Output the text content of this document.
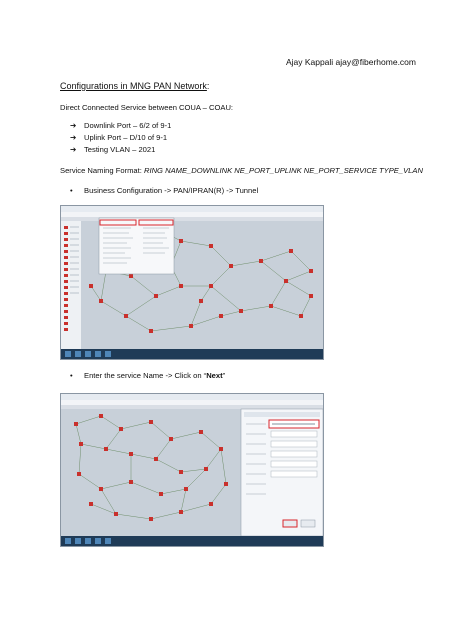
Ajay Kappali ajay@fiberhome.com
Configurations in MNG PAN Network:
Direct Connected Service between COUA – COAU:
➔ Downlink Port – 6/2 of 9-1
➔ Uplink Port – D/10 of 9-1
➔ Testing VLAN – 2021
Service Naming Format: RING NAME_DOWNLINK NE_PORT_UPLINK NE_PORT_SERVICE TYPE_VLAN
• Business Configuration -> PAN/IPRAN(R) -> Tunnel
• Enter the service Name -> Click on “Next”
